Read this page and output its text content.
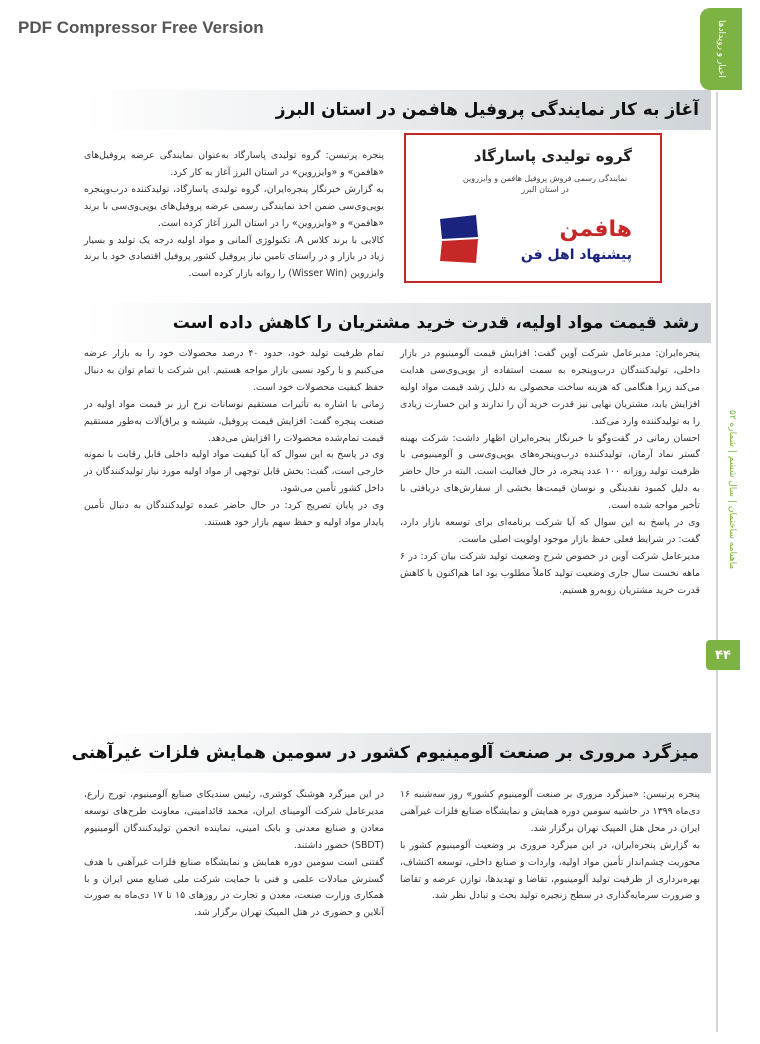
PDF Compressor Free Version	اخبار و رویدادها
ماهنامه ساختمان | سال ششم | شماره ۵۲
۴۴
آغاز به کار نمایندگی پروفیل هافمن در استان البرز

پنجره پرتیسن: گروه تولیدی پاسارگاد به‌عنوان نمایندگی عرضه پروفیل‌های «هافمن» و «وایزروین» در استان البرز آغاز به کار کرد.

به گزارش خبرنگار پنجره‌ایران، گروه تولیدی پاسارگاد، تولیدکننده درب‌وپنجره یوپی‌وی‌سی ضمن اخذ نمایندگی رسمی عرضه پروفیل‌های یوپی‌وی‌سی با برند «هافمن» و «وایزروین» را در استان البرز آغاز کرده است.

کالایی با برند کلاس A، تکنولوژی آلمانی و مواد اولیه درجه یک تولید و بسیار زیاد در بازار و در راستای تامین نیاز پروفیل کشور پروفیل اقتصادی خود با برند وایزروین (Wisser Win) را روانه بازار کرده است.

گروه تولیدی پاسارگاد
نمایندگی رسمی فروش پروفیل هافمن و وایزروین در استان البرز
هافمن
پیشنهاد اهل فن
رشد قیمت مواد اولیه، قدرت خرید مشتریان را کاهش داده است

پنجره‌ایران: مدیرعامل شرکت آوین گفت: افزایش قیمت آلومینیوم در بازار داخلی، تولیدکنندگان درب‌وپنجره به سمت استفاده از یوپی‌وی‌سی هدایت می‌کند زیرا هنگامی که هزینه ساخت محصولی به دلیل رشد قیمت مواد اولیه افزایش یابد، مشتریان نهایی نیز قدرت خرید آن را ندارند و این خسارت زیادی را به تولیدکننده وارد می‌کند.

احسان زمانی در گفت‌وگو با خبرنگار پنجره‌ایران اظهار داشت: شرکت بهینه گستر نماد آرمان، تولیدکننده درب‌وپنجره‌های یوپی‌وی‌سی و آلومینیومی با ظرفیت تولید روزانه ۱۰۰ عدد پنجره، در حال فعالیت است. البته در حال حاضر به دلیل کمبود نقدینگی و نوسان قیمت‌ها بخشی از سفارش‌های دریافتی با تأخیر مواجه شده است.

وی در پاسخ به این سوال که آیا شرکت برنامه‌ای برای توسعه بازار دارد، گفت: در شرایط فعلی حفظ بازار موجود اولویت اصلی ماست.

مدیرعامل شرکت آوین در خصوص شرح وضعیت تولید شرکت بیان کرد: در ۶ ماهه نخست سال جاری وضعیت تولید کاملاً مطلوب بود اما هم‌اکنون با کاهش قدرت خرید مشتریان روبه‌رو هستیم.

تمام ظرفیت تولید خود، حدود ۴۰ درصد محصولات خود را به بازار عرضه می‌کنیم و با رکود نسبی بازار مواجه هستیم. این شرکت با تمام توان به دنبال حفظ کیفیت محصولات خود است.

زمانی با اشاره به تأثیرات مستقیم نوسانات نرخ ارز بر قیمت مواد اولیه در صنعت پنجره گفت: افزایش قیمت پروفیل، شیشه و یراق‌آلات به‌طور مستقیم قیمت تمام‌شده محصولات را افزایش می‌دهد.

وی در پاسخ به این سوال که آیا کیفیت مواد اولیه داخلی قابل رقابت با نمونه خارجی است، گفت: بخش قابل توجهی از مواد اولیه مورد نیاز تولیدکنندگان در داخل کشور تأمین می‌شود.

وی در پایان تصریح کرد: در حال حاضر عمده تولیدکنندگان به دنبال تأمین پایدار مواد اولیه و حفظ سهم بازار خود هستند.

میزگرد مروری بر صنعت آلومینیوم کشور در سومین همایش فلزات غیرآهنی

پنجره پرتیسن: «میزگرد مروری بر صنعت آلومینیوم کشور» روز سه‌شنبه ۱۶ دی‌ماه ۱۳۹۹ در حاشیه سومین دوره همایش و نمایشگاه صنایع فلزات غیرآهنی ایران در محل هتل المپیک تهران برگزار شد.

به گزارش پنجره‌ایران، در این میزگرد مروری بر وضعیت آلومینیوم کشور با محوریت چشم‌انداز تأمین مواد اولیه، واردات و صنایع داخلی، توسعه اکتشاف، بهره‌برداری از ظرفیت تولید آلومینیوم، تقاضا و تهدیدها، توازن عرضه و تقاضا و ضرورت سرمایه‌گذاری در سطح زنجیره تولید بحث و تبادل نظر شد.

در این میزگرد هوشنگ کوشری، رئیس سندیکای صنایع آلومینیوم، تورج زارع، مدیرعامل شرکت آلومینای ایران، محمد قائدامینی، معاونت طرح‌های توسعه معادن و صنایع معدنی و بابک امینی، نماینده انجمن تولیدکنندگان آلومینیوم (SBDT) حضور داشتند.

گفتنی است سومین دوره همایش و نمایشگاه صنایع فلزات غیرآهنی با هدف گسترش مبادلات علمی و فنی با حمایت شرکت ملی صنایع مس ایران و با همکاری وزارت صنعت، معدن و تجارت در روزهای ۱۵ تا ۱۷ دی‌ماه به صورت آنلاین و حضوری در هتل المپیک تهران برگزار شد.
